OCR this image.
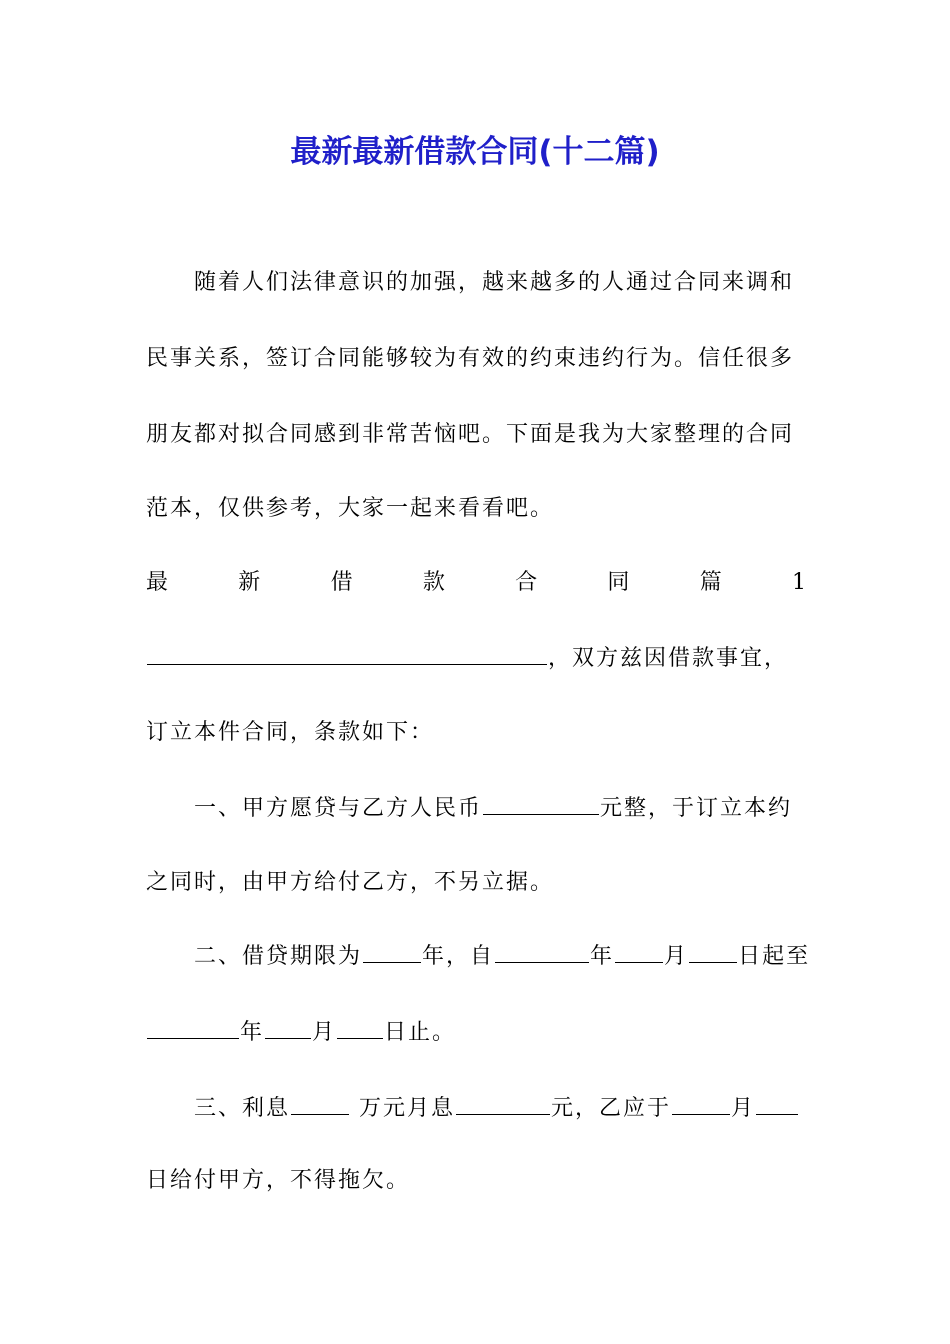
最新最新借款合同(十二篇)
随着人们法律意识的加强，越来越多的人通过合同来调和
民事关系，签订合同能够较为有效的约束违约行为。信任很多
朋友都对拟合同感到非常苦恼吧。下面是我为大家整理的合同
范本，仅供参考，大家一起来看看吧。
最	新	借	款	合	同	篇	1
，双方兹因借款事宜，
订立本件合同，条款如下：
一、甲方愿贷与乙方人民币	元整，于订立本约
之同时，由甲方给付乙方，不另立据。
二、借贷期限为	年，自	年 月 日起至
年 月 日止。
三、利息	万元月息	元，乙应于	月
日给付甲方，不得拖欠。
